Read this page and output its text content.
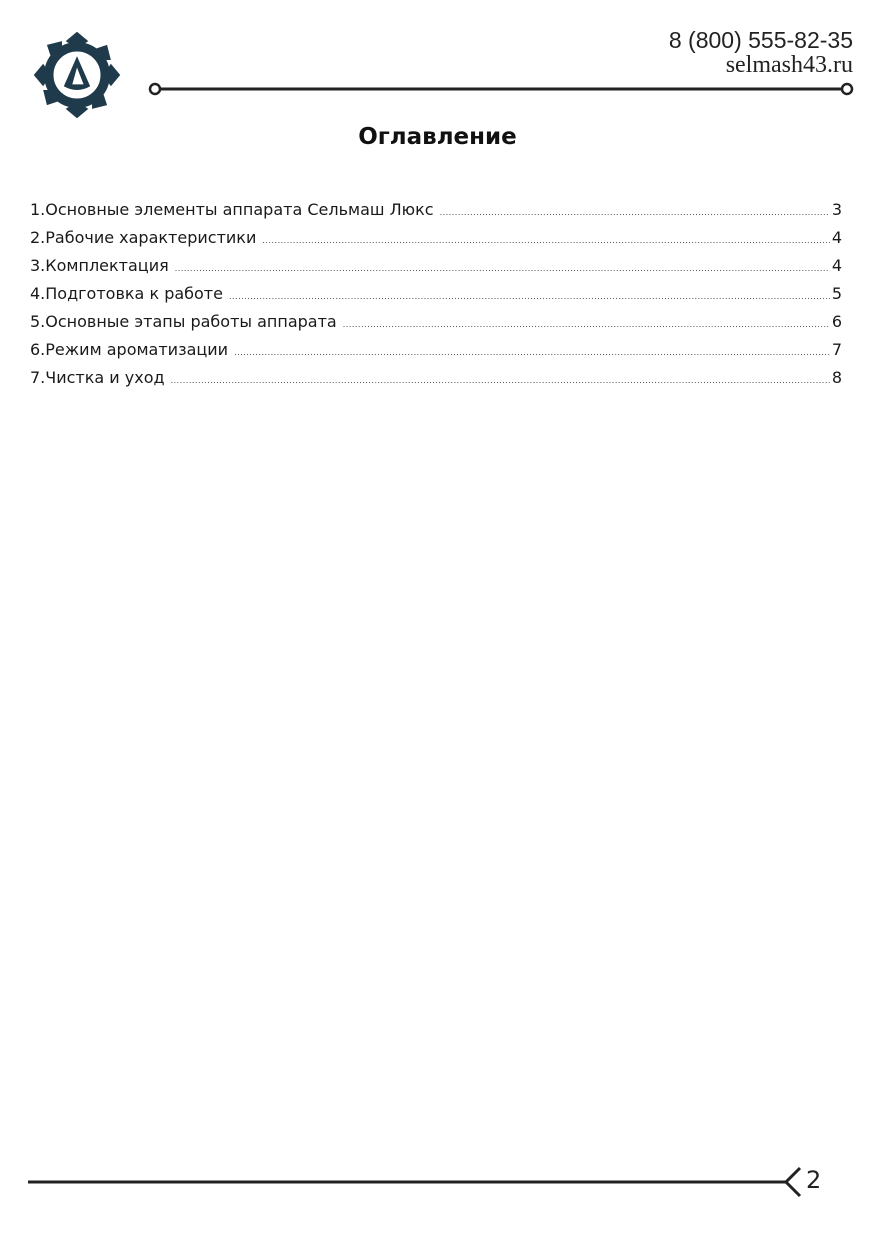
8 (800) 555-82-35
selmash43.ru
Оглавление
1. Основные элементы аппарата Сельмаш Люкс .....	3
2. Рабочие характеристики .....	4
3. Комплектация .....	4
4. Подготовка к работе .....	5
5. Основные этапы работы аппарата .....	6
6. Режим ароматизации .....	7
7. Чистка и уход .....	8
2
